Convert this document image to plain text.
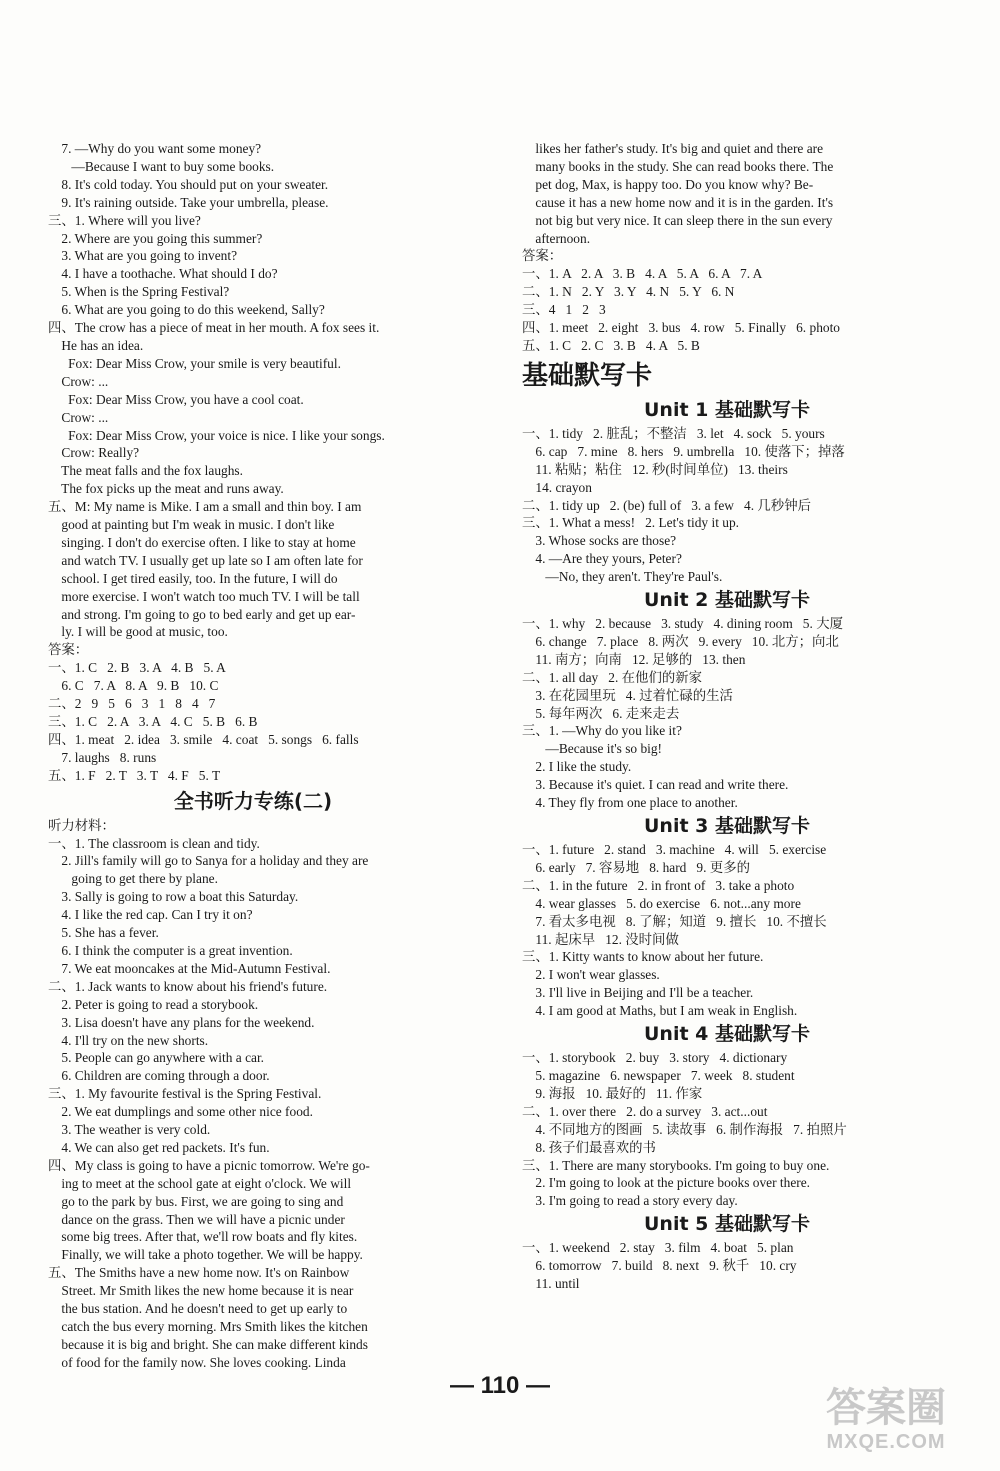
7. —Why do you want some money?
—Because I want to buy some books.
8. It's cold today. You should put on your sweater.
9. It's raining outside. Take your umbrella, please.
三、1. Where will you live?
2. Where are you going this summer?
3. What are you going to invent?
4. I have a toothache. What should I do?
5. When is the Spring Festival?
6. What are you going to do this weekend, Sally?
四、The crow has a piece of meat in her mouth. A fox sees it.
He has an idea.
Fox: Dear Miss Crow, your smile is very beautiful.
Crow: ...
Fox: Dear Miss Crow, you have a cool coat.
Crow: ...
Fox: Dear Miss Crow, your voice is nice. I like your songs.
Crow: Really?
The meat falls and the fox laughs.
The fox picks up the meat and runs away.
五、M: My name is Mike. I am a small and thin boy. I am
good at painting but I'm weak in music. I don't like
singing. I don't do exercise often. I like to stay at home
and watch TV. I usually get up late so I am often late for
school. I get tired easily, too. In the future, I will do
more exercise. I won't watch too much TV. I will be tall
and strong. I'm going to go to bed early and get up ear-
ly. I will be good at music, too.
答案：
一、1. C   2. B   3. A   4. B   5. A
6. C   7. A   8. A   9. B   10. C
二、2   9   5   6   3   1   8   4   7
三、1. C   2. A   3. A   4. C   5. B   6. B
四、1. meat   2. idea   3. smile   4. coat   5. songs   6. falls
7. laughs   8. runs
五、1. F   2. T   3. T   4. F   5. T
全书听力专练(二)
听力材料：
一、1. The classroom is clean and tidy.
2. Jill's family will go to Sanya for a holiday and they are
going to get there by plane.
3. Sally is going to row a boat this Saturday.
4. I like the red cap. Can I try it on?
5. She has a fever.
6. I think the computer is a great invention.
7. We eat mooncakes at the Mid-Autumn Festival.
二、1. Jack wants to know about his friend's future.
2. Peter is going to read a storybook.
3. Lisa doesn't have any plans for the weekend.
4. I'll try on the new shorts.
5. People can go anywhere with a car.
6. Children are coming through a door.
三、1. My favourite festival is the Spring Festival.
2. We eat dumplings and some other nice food.
3. The weather is very cold.
4. We can also get red packets. It's fun.
四、My class is going to have a picnic tomorrow. We're go-
ing to meet at the school gate at eight o'clock. We will
go to the park by bus. First, we are going to sing and
dance on the grass. Then we will have a picnic under
some big trees. After that, we'll row boats and fly kites.
Finally, we will take a photo together. We will be happy.
五、The Smiths have a new home now. It's on Rainbow
Street. Mr Smith likes the new home because it is near
the bus station. And he doesn't need to get up early to
catch the bus every morning. Mrs Smith likes the kitchen
because it is big and bright. She can make different kinds
of food for the family now. She loves cooking. Linda
likes her father's study. It's big and quiet and there are
many books in the study. She can read books there. The
pet dog, Max, is happy too. Do you know why? Be-
cause it has a new home now and it is in the garden. It's
not big but very nice. It can sleep there in the sun every
afternoon.
答案：
一、1. A   2. A   3. B   4. A   5. A   6. A   7. A
二、1. N   2. Y   3. Y   4. N   5. Y   6. N
三、4   1   2   3
四、1. meet   2. eight   3. bus   4. row   5. Finally   6. photo
五、1. C   2. C   3. B   4. A   5. B
基础默写卡
Unit 1 基础默写卡
一、1. tidy   2. 脏乱；不整洁   3. let   4. sock   5. yours
6. cap   7. mine   8. hers   9. umbrella   10. 使落下；掉落
11. 粘贴；粘住   12. 秒(时间单位)   13. theirs
14. crayon
二、1. tidy up   2. (be) full of   3. a few   4. 几秒钟后
三、1. What a mess!   2. Let's tidy it up.
3. Whose socks are those?
4. —Are they yours, Peter?
—No, they aren't. They're Paul's.
Unit 2 基础默写卡
一、1. why   2. because   3. study   4. dining room   5. 大厦
6. change   7. place   8. 两次   9. every   10. 北方；向北
11. 南方；向南   12. 足够的   13. then
二、1. all day   2. 在他们的新家
3. 在花园里玩   4. 过着忙碌的生活
5. 每年两次   6. 走来走去
三、1. —Why do you like it?
—Because it's so big!
2. I like the study.
3. Because it's quiet. I can read and write there.
4. They fly from one place to another.
Unit 3 基础默写卡
一、1. future   2. stand   3. machine   4. will   5. exercise
6. early   7. 容易地   8. hard   9. 更多的
二、1. in the future   2. in front of   3. take a photo
4. wear glasses   5. do exercise   6. not...any more
7. 看太多电视   8. 了解；知道   9. 擅长   10. 不擅长
11. 起床早   12. 没时间做
三、1. Kitty wants to know about her future.
2. I won't wear glasses.
3. I'll live in Beijing and I'll be a teacher.
4. I am good at Maths, but I am weak in English.
Unit 4 基础默写卡
一、1. storybook   2. buy   3. story   4. dictionary
5. magazine   6. newspaper   7. week   8. student
9. 海报   10. 最好的   11. 作家
二、1. over there   2. do a survey   3. act...out
4. 不同地方的图画   5. 读故事   6. 制作海报   7. 拍照片
8. 孩子们最喜欢的书
三、1. There are many storybooks. I'm going to buy one.
2. I'm going to look at the picture books over there.
3. I'm going to read a story every day.
Unit 5 基础默写卡
一、1. weekend   2. stay   3. film   4. boat   5. plan
6. tomorrow   7. build   8. next   9. 秋千   10. cry
11. until
— 110 —	答案圈
MXQE.COM
